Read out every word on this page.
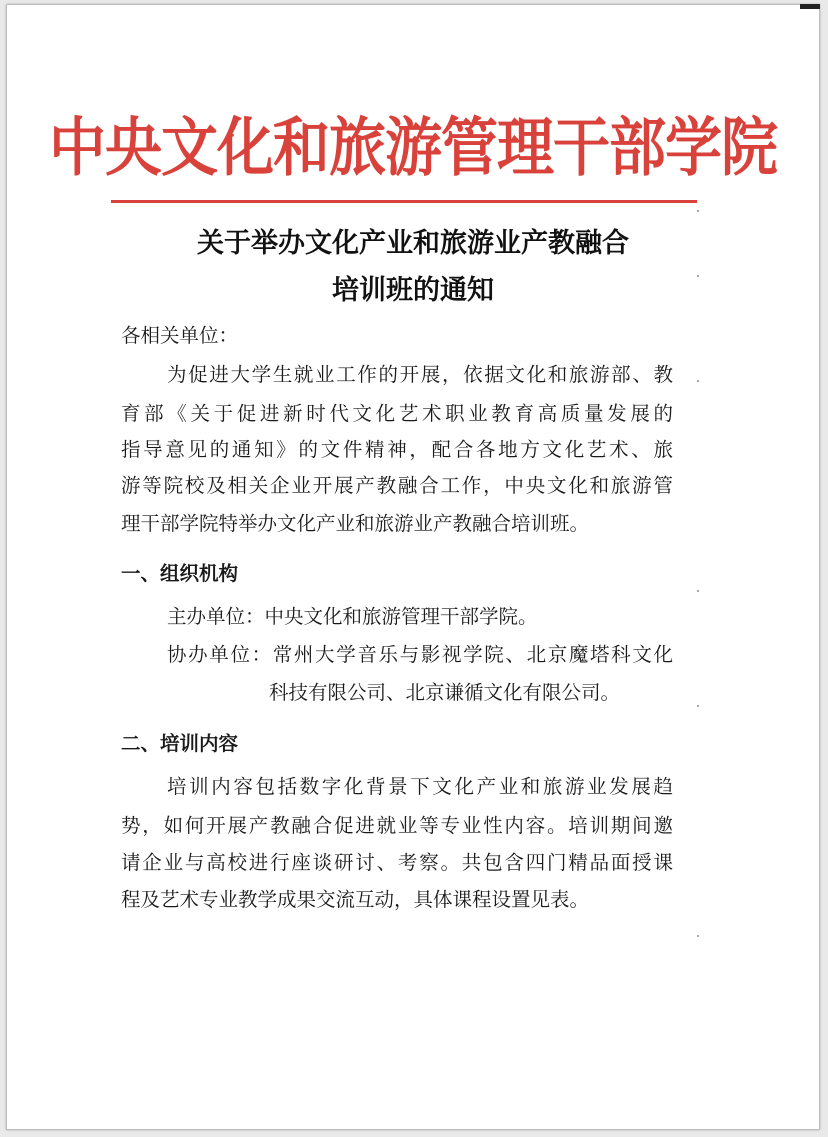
中央文化和旅游管理干部学院
关于举办文化产业和旅游业产教融合
培训班的通知
各相关单位：
为促进大学生就业工作的开展，依据文化和旅游部、教
育部《关于促进新时代文化艺术职业教育高质量发展的
指导意见的通知》的文件精神，配合各地方文化艺术、旅
游等院校及相关企业开展产教融合工作，中央文化和旅游管
理干部学院特举办文化产业和旅游业产教融合培训班。
一、组织机构
主办单位：中央文化和旅游管理干部学院。
协办单位：常州大学音乐与影视学院、北京魔塔科文化
科技有限公司、北京谦循文化有限公司。
二、培训内容
培训内容包括数字化背景下文化产业和旅游业发展趋
势，如何开展产教融合促进就业等专业性内容。培训期间邀
请企业与高校进行座谈研讨、考察。共包含四门精品面授课
程及艺术专业教学成果交流互动，具体课程设置见表。
